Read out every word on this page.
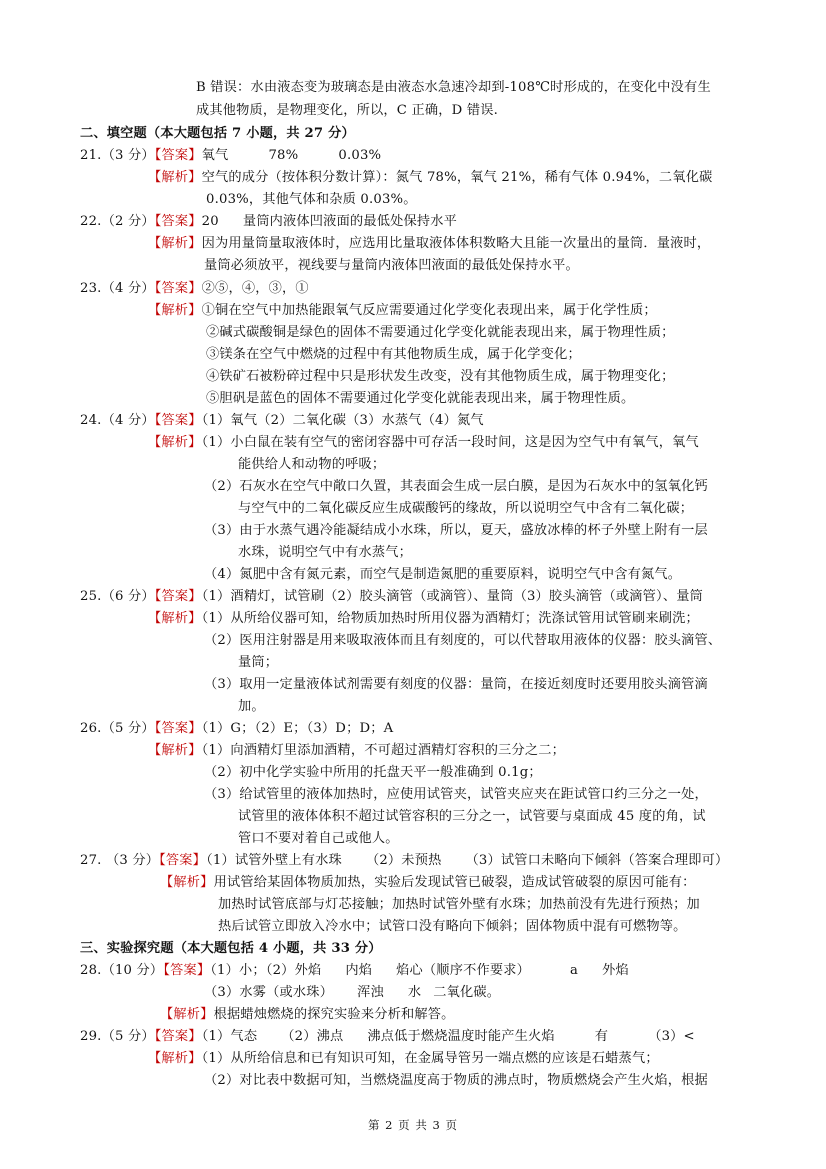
B 错误：水由液态变为玻璃态是由液态水急速冷却到-108℃时形成的，在变化中没有生
成其他物质，是物理变化，所以，C 正确，D 错误.
二、填空题（本大题包括 7 小题，共 27 分）
21.（3 分）【答案】氧气	78%	0.03%
【解析】空气的成分（按体积分数计算）：氮气 78%，氧气 21%，稀有气体 0.94%，二氧化碳
0.03%，其他气体和杂质 0.03%。
22.（2 分）【答案】20 量筒内液体凹液面的最低处保持水平
【解析】因为用量筒量取液体时，应选用比量取液体体积数略大且能一次量出的量筒．量液时，
量筒必须放平，视线要与量筒内液体凹液面的最低处保持水平。
23.（4 分）【答案】②⑤，④，③，①
【解析】①铜在空气中加热能跟氧气反应需要通过化学变化表现出来，属于化学性质；
②碱式碳酸铜是绿色的固体不需要通过化学变化就能表现出来，属于物理性质；
③镁条在空气中燃烧的过程中有其他物质生成，属于化学变化；
④铁矿石被粉碎过程中只是形状发生改变，没有其他物质生成，属于物理变化；
⑤胆矾是蓝色的固体不需要通过化学变化就能表现出来，属于物理性质。
24.（4 分）【答案】（1）氧气（2）二氧化碳（3）水蒸气（4）氮气
【解析】（1）小白鼠在装有空气的密闭容器中可存活一段时间，这是因为空气中有氧气，氧气
能供给人和动物的呼吸；
（2）石灰水在空气中敞口久置，其表面会生成一层白膜，是因为石灰水中的氢氧化钙
与空气中的二氧化碳反应生成碳酸钙的缘故，所以说明空气中含有二氧化碳；
（3）由于水蒸气遇冷能凝结成小水珠，所以，夏天，盛放冰棒的杯子外壁上附有一层
水珠，说明空气中有水蒸气；
（4）氮肥中含有氮元素，而空气是制造氮肥的重要原料，说明空气中含有氮气。
25.（6 分）【答案】（1）酒精灯，试管刷（2）胶头滴管（或滴管）、量筒（3）胶头滴管（或滴管）、量筒
【解析】（1）从所给仪器可知，给物质加热时所用仪器为酒精灯；洗涤试管用试管刷来刷洗；
（2）医用注射器是用来吸取液体而且有刻度的，可以代替取用液体的仪器：胶头滴管、
量筒；
（3）取用一定量液体试剂需要有刻度的仪器：量筒，在接近刻度时还要用胶头滴管滴
加。
26.（5 分）【答案】（1）G；（2）E；（3）D；D；A
【解析】（1）向酒精灯里添加酒精，不可超过酒精灯容积的三分之二；
（2）初中化学实验中所用的托盘天平一般准确到 0.1g；
（3）给试管里的液体加热时，应使用试管夹，试管夹应夹在距试管口约三分之一处，
试管里的液体体积不超过试管容积的三分之一，试管要与桌面成 45 度的角，试
管口不要对着自己或他人。
27. （3 分）【答案】（1）试管外壁上有水珠 （2）未预热 （3）试管口未略向下倾斜（答案合理即可）
【解析】用试管给某固体物质加热，实验后发现试管已破裂，造成试管破裂的原因可能有：
加热时试管底部与灯芯接触；加热时试管外壁有水珠；加热前没有先进行预热；加
热后试管立即放入冷水中；试管口没有略向下倾斜；固体物质中混有可燃物等。
三、实验探究题（本大题包括 4 小题，共 33 分）
28.（10 分）【答案】（1）小；（2）外焰 内焰 焰心（顺序不作要求）	a 外焰
（3）水雾（或水珠） 浑浊 水 二氧化碳。
【解析】根据蜡烛燃烧的探究实验来分析和解答。
29.（5 分）【答案】（1）气态 （2）沸点 沸点低于燃烧温度时能产生火焰	有	（3）<
【解析】（1）从所给信息和已有知识可知，在金属导管另一端点燃的应该是石蜡蒸气；
（2）对比表中数据可知，当燃烧温度高于物质的沸点时，物质燃烧会产生火焰，根据
第 2 页 共 3 页
